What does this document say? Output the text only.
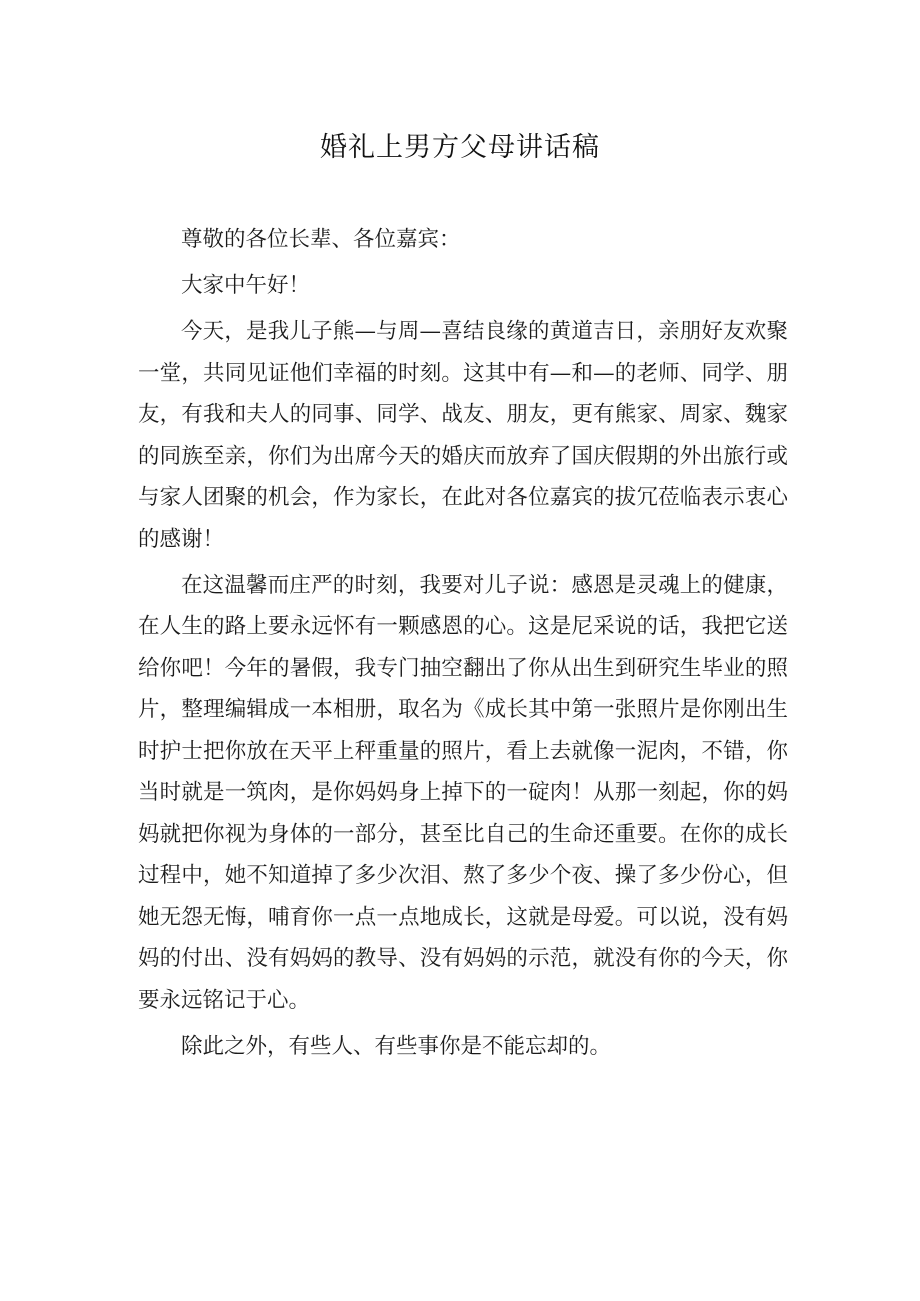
婚礼上男方父母讲话稿

尊敬的各位长辈、各位嘉宾：

大家中午好！

今天，是我儿子熊—与周—喜结良缘的黄道吉日，亲朋好友欢聚一堂，共同见证他们幸福的时刻。这其中有—和—的老师、同学、朋友，有我和夫人的同事、同学、战友、朋友，更有熊家、周家、魏家的同族至亲，你们为出席今天的婚庆而放弃了国庆假期的外出旅行或与家人团聚的机会，作为家长，在此对各位嘉宾的拔冗莅临表示衷心的感谢！

在这温馨而庄严的时刻，我要对儿子说：感恩是灵魂上的健康，在人生的路上要永远怀有一颗感恩的心。这是尼采说的话，我把它送给你吧！今年的暑假，我专门抽空翻出了你从出生到研究生毕业的照片，整理编辑成一本相册，取名为《成长其中第一张照片是你刚出生时护士把你放在天平上秤重量的照片，看上去就像一泥肉，不错，你当时就是一筑肉，是你妈妈身上掉下的一碇肉！从那一刻起，你的妈妈就把你视为身体的一部分，甚至比自己的生命还重要。在你的成长过程中，她不知道掉了多少次泪、熬了多少个夜、操了多少份心，但她无怨无悔，哺育你一点一点地成长，这就是母爱。可以说，没有妈妈的付出、没有妈妈的教导、没有妈妈的示范，就没有你的今天，你要永远铭记于心。

除此之外，有些人、有些事你是不能忘却的。
